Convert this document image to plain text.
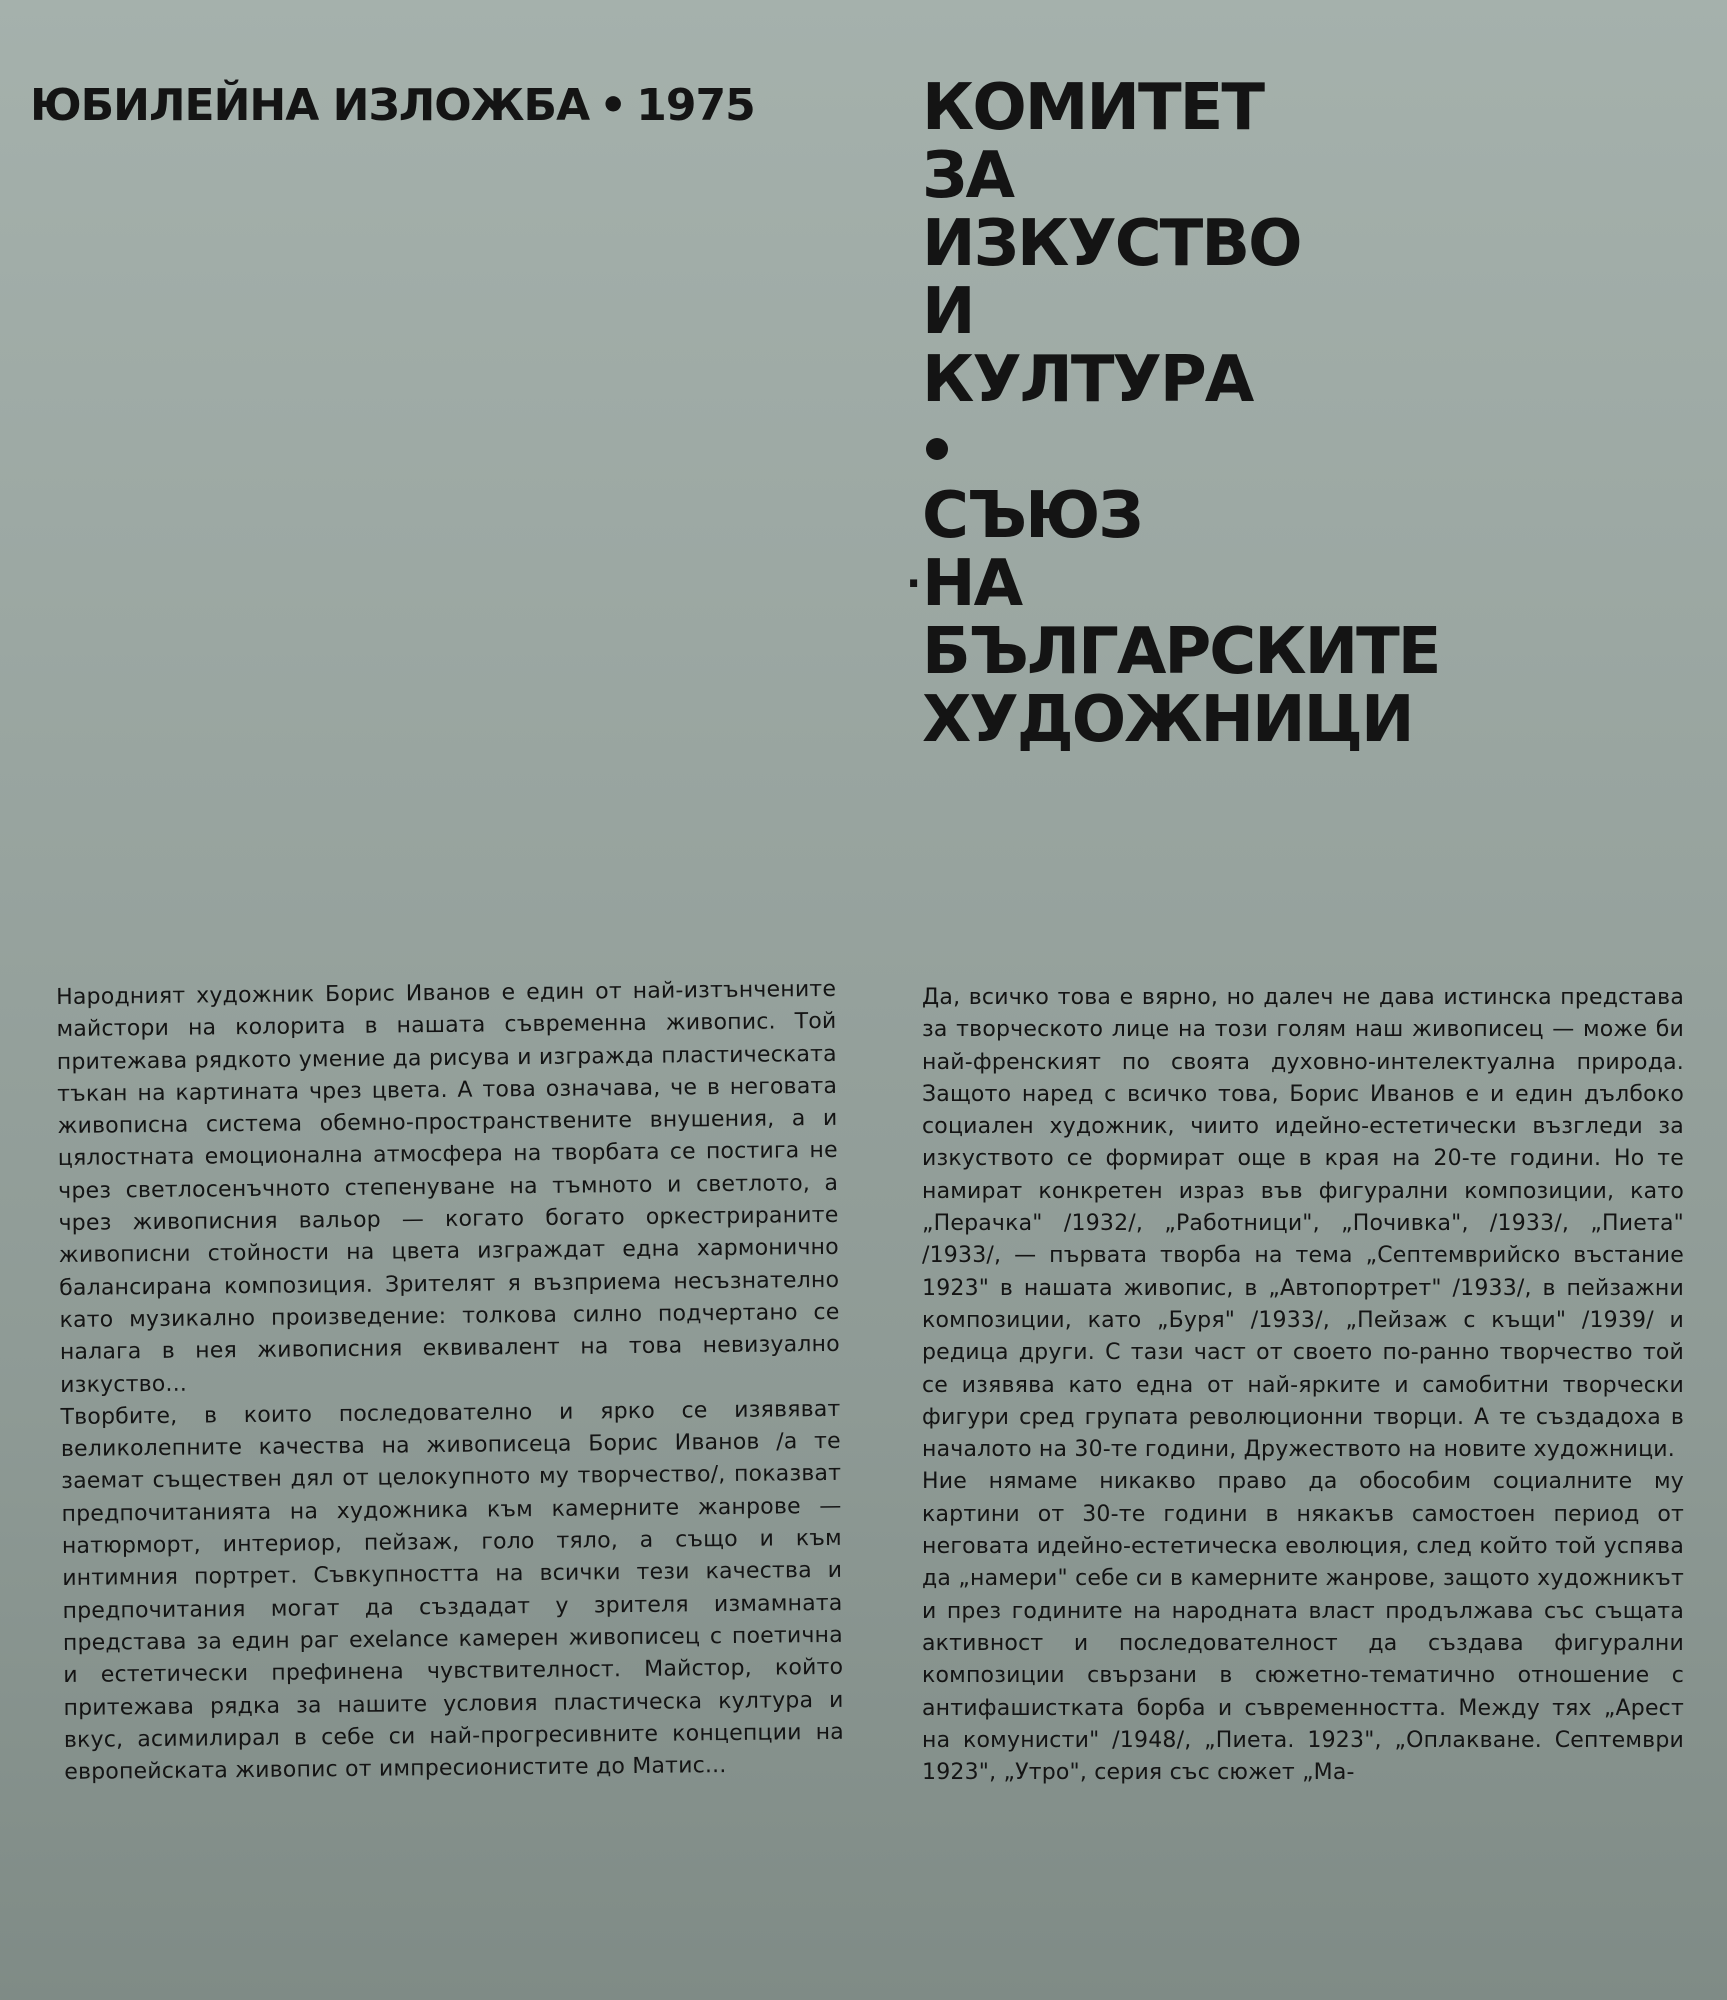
ЮБИЛЕЙНА ИЗЛОЖБА • 1975	КОМИТЕТ
ЗА
ИЗКУСТВО
И
КУЛТУРА
СЪЮЗ
· НА
БЪЛГАРСКИТЕ
ХУДОЖНИЦИ

Народният художник Борис Иванов е един от най-изтънчените майстори на колорита в нашата съвременна живопис. Той притежава рядкото умение да рисува и изгражда пластическата тъкан на картината чрез цвета. А това означава, че в неговата живописна система обемно-пространствените внушения, а и цялостната емоционална атмосфера на творбата се постига не чрез светлосенъчното степенуване на тъмното и светлото, а чрез живописния вальор — когато богато оркестрираните живописни стойности на цвета изграждат една хармонично балансирана композиция. Зрителят я възприема несъзнателно като музикално произведение: толкова силно подчертано се налага в нея живописния еквивалент на това невизуално изкуство...

Творбите, в които последователно и ярко се изявяват великолепните качества на живописеца Борис Иванов /а те заемат съществен дял от целокупното му творчество/, показват предпочитанията на художника към камерните жанрове — натюрморт, интериор, пейзаж, голо тяло, а също и към интимния портрет. Съвкупността на всички тези качества и предпочитания могат да създадат у зрителя измамната представа за един раг exelance камерен живописец с поетична и естетически префинена чувствителност. Майстор, който притежава рядка за нашите условия пластическа култура и вкус, асимилирал в себе си най-прогресивните концепции на европейската живопис от импресионистите до Матис...

Да, всичко това е вярно, но далеч не дава истинска представа за творческото лице на този голям наш живописец — може би най-френският по своята духовно-интелектуална природа. Защото наред с всичко това, Борис Иванов е и един дълбоко социален художник, чиито идейно-естетически възгледи за изкуството се формират още в края на 20-те години. Но те намират конкретен израз във фигурални композиции, като „Перачка" /1932/, „Работници", „Почивка", /1933/, „Пиета" /1933/, — първата творба на тема „Септемврийско въстание 1923" в нашата живопис, в „Автопортрет" /1933/, в пейзажни композиции, като „Буря" /1933/, „Пейзаж с къщи" /1939/ и редица други. С тази част от своето по-ранно творчество той се изявява като една от най-ярките и самобитни творчески фигури сред групата революционни творци. А те създадоха в началото на 30-те години, Дружеството на новите художници.

Ние нямаме никакво право да обособим социалните му картини от 30-те години в някакъв самостоен период от неговата идейно-естетическа еволюция, след който той успява да „намери" себе си в камерните жанрове, защото художникът и през годините на народната власт продължава със същата активност и последователност да създава фигурални композиции свързани в сюжетно-тематично отношение с антифашисткaта борба и съвременността. Между тях „Арест на комунисти" /1948/, „Пиета. 1923", „Оплакване. Септември 1923", „Утро", серия със сюжет „Ма-
